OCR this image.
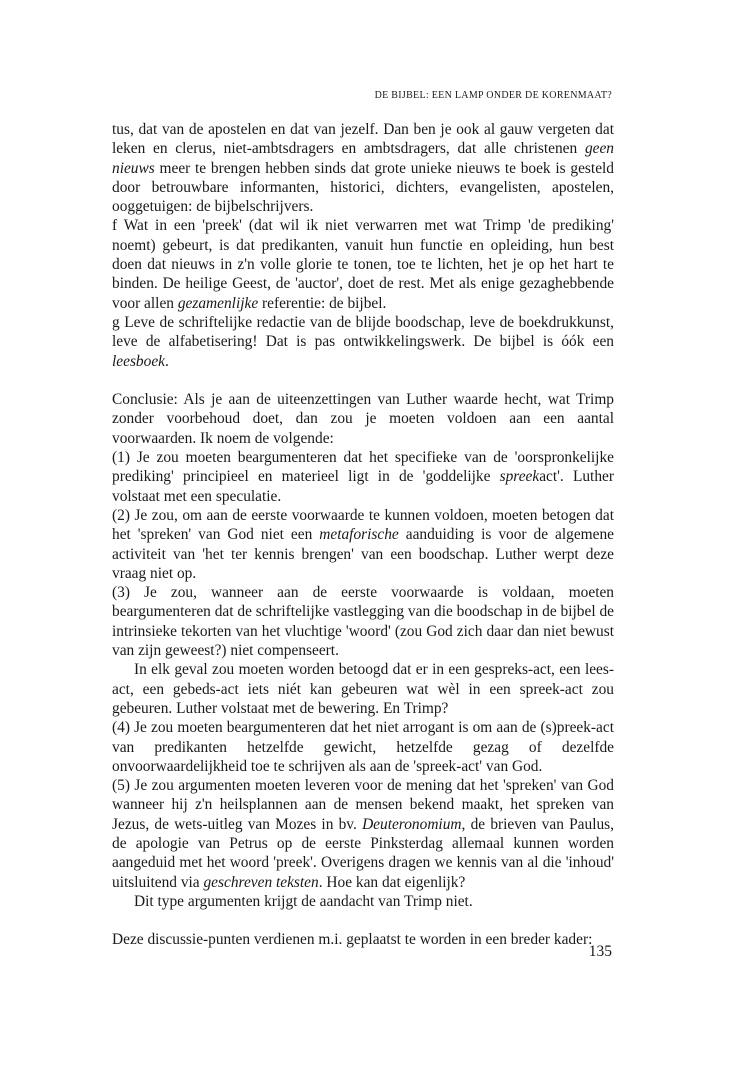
DE BIJBEL: EEN LAMP ONDER DE KORENMAAT?

tus, dat van de apostelen en dat van jezelf. Dan ben je ook al gauw vergeten dat leken en clerus, niet-ambtsdragers en ambtsdragers, dat alle christenen geen nieuws meer te brengen hebben sinds dat grote unieke nieuws te boek is gesteld door betrouwbare informanten, historici, dichters, evangelisten, apostelen, ooggetuigen: de bijbelschrijvers.

f Wat in een 'preek' (dat wil ik niet verwarren met wat Trimp 'de prediking' noemt) gebeurt, is dat predikanten, vanuit hun functie en opleiding, hun best doen dat nieuws in z'n volle glorie te tonen, toe te lichten, het je op het hart te binden. De heilige Geest, de 'auctor', doet de rest. Met als enige gezaghebbende voor allen gezamenlijke referentie: de bijbel.

g Leve de schriftelijke redactie van de blijde boodschap, leve de boekdrukkunst, leve de alfabetisering! Dat is pas ontwikkelingswerk. De bijbel is óók een leesboek.

Conclusie: Als je aan de uiteenzettingen van Luther waarde hecht, wat Trimp zonder voorbehoud doet, dan zou je moeten voldoen aan een aantal voorwaarden. Ik noem de volgende:

(1) Je zou moeten beargumenteren dat het specifieke van de 'oorspronkelijke prediking' principieel en materieel ligt in de 'goddelijke spreekact'. Luther volstaat met een speculatie.

(2) Je zou, om aan de eerste voorwaarde te kunnen voldoen, moeten betogen dat het 'spreken' van God niet een metaforische aanduiding is voor de algemene activiteit van 'het ter kennis brengen' van een boodschap. Luther werpt deze vraag niet op.

(3) Je zou, wanneer aan de eerste voorwaarde is voldaan, moeten beargumenteren dat de schriftelijke vastlegging van die boodschap in de bijbel de intrinsieke tekorten van het vluchtige 'woord' (zou God zich daar dan niet bewust van zijn geweest?) niet compenseert.

In elk geval zou moeten worden betoogd dat er in een gespreks-act, een lees-act, een gebeds-act iets niét kan gebeuren wat wèl in een spreek-act zou gebeuren. Luther volstaat met de bewering. En Trimp?

(4) Je zou moeten beargumenteren dat het niet arrogant is om aan de (s)preek-act van predikanten hetzelfde gewicht, hetzelfde gezag of dezelfde onvoorwaardelijkheid toe te schrijven als aan de 'spreek-act' van God.

(5) Je zou argumenten moeten leveren voor de mening dat het 'spreken' van God wanneer hij z'n heilsplannen aan de mensen bekend maakt, het spreken van Jezus, de wets-uitleg van Mozes in bv. Deuteronomium, de brieven van Paulus, de apologie van Petrus op de eerste Pinksterdag allemaal kunnen worden aangeduid met het woord 'preek'. Overigens dragen we kennis van al die 'inhoud' uitsluitend via geschreven teksten. Hoe kan dat eigenlijk?

Dit type argumenten krijgt de aandacht van Trimp niet.

Deze discussie-punten verdienen m.i. geplaatst te worden in een breder kader:

135
